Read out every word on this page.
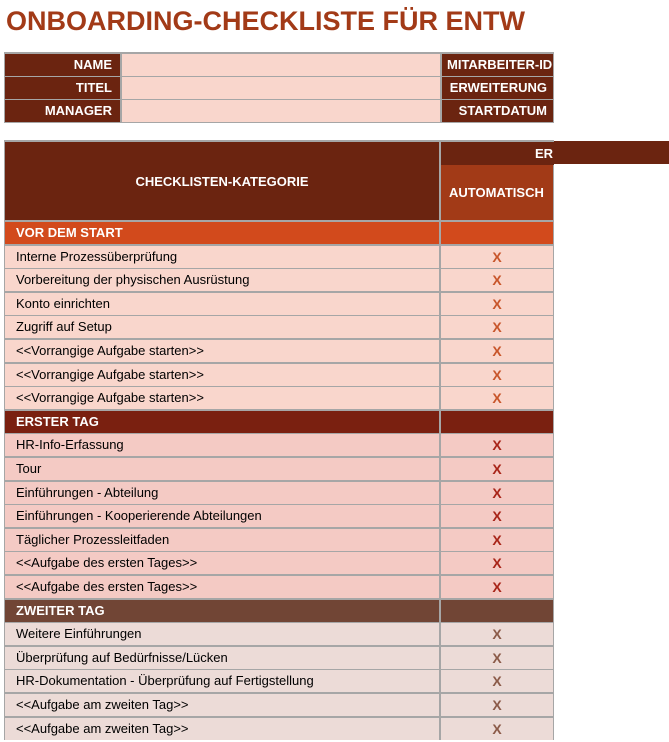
ONBOARDING-CHECKLISTE FÜR ENTW
NAME	MITARBEITER-ID
TITEL	ERWEITERUNG
MANAGER	STARTDATUM
CHECKLISTEN-KATEGORIE
ER
AUTOMATISCH
VOR DEM START
Interne Prozessüberprüfung	X
Vorbereitung der physischen Ausrüstung	X
Konto einrichten	X
Zugriff auf Setup	X
<<Vorrangige Aufgabe starten>>	X
<<Vorrangige Aufgabe starten>>	X
<<Vorrangige Aufgabe starten>>	X
ERSTER TAG
HR-Info-Erfassung	X
Tour	X
Einführungen - Abteilung	X
Einführungen - Kooperierende Abteilungen	X
Täglicher Prozessleitfaden	X
<<Aufgabe des ersten Tages>>	X
<<Aufgabe des ersten Tages>>	X
ZWEITER TAG
Weitere Einführungen	X
Überprüfung auf Bedürfnisse/Lücken	X
HR-Dokumentation - Überprüfung auf Fertigstellung	X
<<Aufgabe am zweiten Tag>>	X
<<Aufgabe am zweiten Tag>>	X
